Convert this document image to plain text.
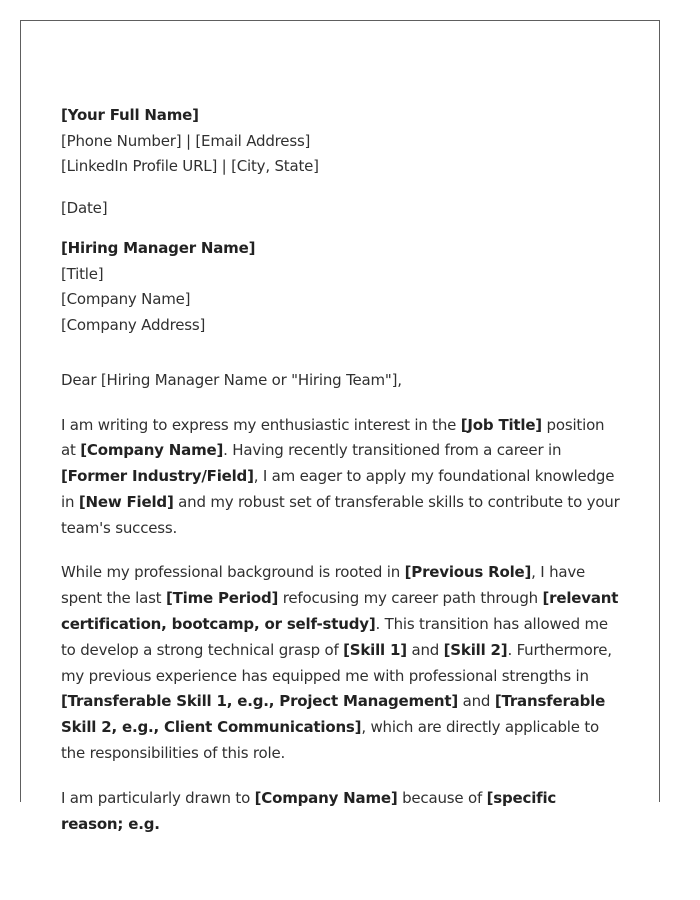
[Your Full Name]
[Phone Number] | [Email Address]
[LinkedIn Profile URL] | [City, State]
[Date]
[Hiring Manager Name]
[Title]
[Company Name]
[Company Address]
Dear [Hiring Manager Name or "Hiring Team"],
I am writing to express my enthusiastic interest in the [Job Title] position at [Company Name]. Having recently transitioned from a career in [Former Industry/Field], I am eager to apply my foundational knowledge in [New Field] and my robust set of transferable skills to contribute to your team's success.
While my professional background is rooted in [Previous Role], I have spent the last [Time Period] refocusing my career path through [relevant certification, bootcamp, or self-study]. This transition has allowed me to develop a strong technical grasp of [Skill 1] and [Skill 2]. Furthermore, my previous experience has equipped me with professional strengths in [Transferable Skill 1, e.g., Project Management] and [Transferable Skill 2, e.g., Client Communications], which are directly applicable to the responsibilities of this role.
I am particularly drawn to [Company Name] because of [specific reason; e.g.
